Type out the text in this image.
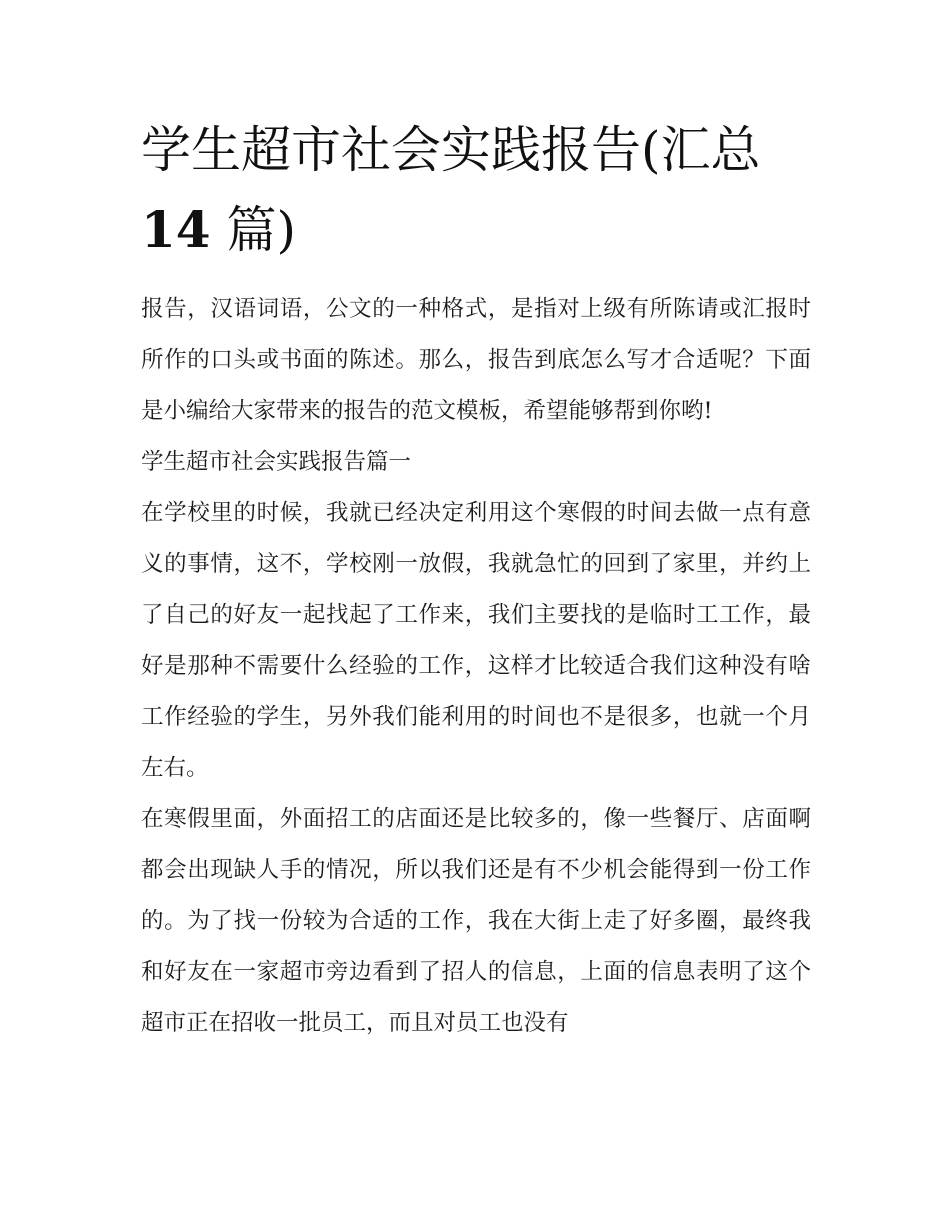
学生超市社会实践报告(汇总
14 篇)

报告，汉语词语，公文的一种格式，是指对上级有所陈请或汇报时所作的口头或书面的陈述。那么，报告到底怎么写才合适呢？下面是小编给大家带来的报告的范文模板，希望能够帮到你哟!

学生超市社会实践报告篇一

在学校里的时候，我就已经决定利用这个寒假的时间去做一点有意义的事情，这不，学校刚一放假，我就急忙的回到了家里，并约上了自己的好友一起找起了工作来，我们主要找的是临时工工作，最好是那种不需要什么经验的工作，这样才比较适合我们这种没有啥工作经验的学生，另外我们能利用的时间也不是很多，也就一个月左右。

在寒假里面，外面招工的店面还是比较多的，像一些餐厅、店面啊都会出现缺人手的情况，所以我们还是有不少机会能得到一份工作的。为了找一份较为合适的工作，我在大街上走了好多圈，最终我和好友在一家超市旁边看到了招人的信息，上面的信息表明了这个超市正在招收一批员工，而且对员工也没有
